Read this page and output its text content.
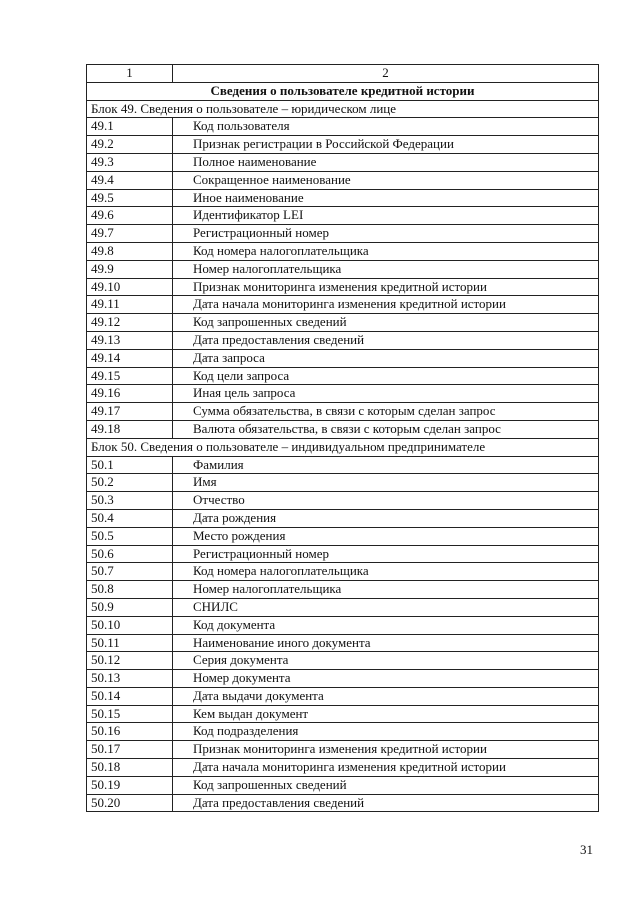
1	2
Сведения о пользователе кредитной истории	
Блок 49. Сведения о пользователе – юридическом лице	
49.1	Код пользователя
49.2	Признак регистрации в Российской Федерации
49.3	Полное наименование
49.4	Сокращенное наименование
49.5	Иное наименование
49.6	Идентификатор LEI
49.7	Регистрационный номер
49.8	Код номера налогоплательщика
49.9	Номер налогоплательщика
49.10	Признак мониторинга изменения кредитной истории
49.11	Дата начала мониторинга изменения кредитной истории
49.12	Код запрошенных сведений
49.13	Дата предоставления сведений
49.14	Дата запроса
49.15	Код цели запроса
49.16	Иная цель запроса
49.17	Сумма обязательства, в связи с которым сделан запрос
49.18	Валюта обязательства, в связи с которым сделан запрос
Блок 50. Сведения о пользователе – индивидуальном предпринимателе	
50.1	Фамилия
50.2	Имя
50.3	Отчество
50.4	Дата рождения
50.5	Место рождения
50.6	Регистрационный номер
50.7	Код номера налогоплательщика
50.8	Номер налогоплательщика
50.9	СНИЛС
50.10	Код документа
50.11	Наименование иного документа
50.12	Серия документа
50.13	Номер документа
50.14	Дата выдачи документа
50.15	Кем выдан документ
50.16	Код подразделения
50.17	Признак мониторинга изменения кредитной истории
50.18	Дата начала мониторинга изменения кредитной истории
50.19	Код запрошенных сведений
50.20	Дата предоставления сведений
31
